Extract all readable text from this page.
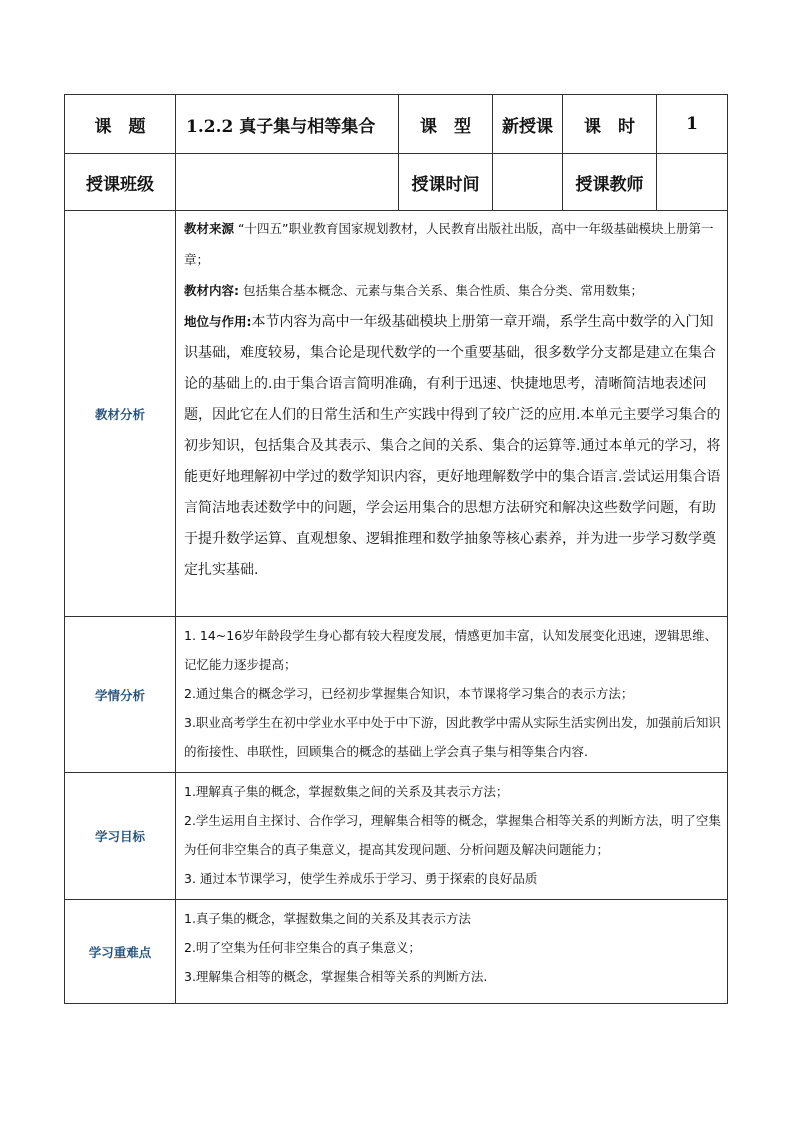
课　题	1.2.2 真子集与相等集合	课　型	新授课	课　时	1
授课班级		授课时间		授课教师	
教材分析	教材来源 “十四五”职业教育国家规划教材，人民教育出版社出版，高中一年级基础模块上册第一章；

教材内容: 包括集合基本概念、元素与集合关系、集合性质、集合分类、常用数集；

地位与作用:本节内容为高中一年级基础模块上册第一章开端，系学生高中数学的入门知识基础，难度较易，集合论是现代数学的一个重要基础，很多数学分支都是建立在集合论的基础上的.由于集合语言简明准确，有利于迅速、快捷地思考，清晰简洁地表述问题，因此它在人们的日常生活和生产实践中得到了较广泛的应用.本单元主要学习集合的初步知识，包括集合及其表示、集合之间的关系、集合的运算等.通过本单元的学习，将能更好地理解初中学过的数学知识内容，更好地理解数学中的集合语言.尝试运用集合语言简洁地表述数学中的问题，学会运用集合的思想方法研究和解决这些数学问题，有助于提升数学运算、直观想象、逻辑推理和数学抽象等核心素养，并为进一步学习数学奠定扎实基础.				

学情分析	1. 14~16岁年龄段学生身心都有较大程度发展，情感更加丰富，认知发展变化迅速，逻辑思维、记忆能力逐步提高；

2.通过集合的概念学习，已经初步掌握集合知识，本节课将学习集合的表示方法；

3.职业高考学生在初中学业水平中处于中下游，因此教学中需从实际生活实例出发，加强前后知识的衔接性、串联性，回顾集合的概念的基础上学会真子集与相等集合内容.				

学习目标	1.理解真子集的概念，掌握数集之间的关系及其表示方法；

2.学生运用自主探讨、合作学习，理解集合相等的概念，掌握集合相等关系的判断方法，明了空集为任何非空集合的真子集意义，提高其发现问题、分析问题及解决问题能力；

3. 通过本节课学习，使学生养成乐于学习、勇于探索的良好品质				

学习重难点	1.真子集的概念，掌握数集之间的关系及其表示方法

2.明了空集为任何非空集合的真子集意义；

3.理解集合相等的概念，掌握集合相等关系的判断方法.				
